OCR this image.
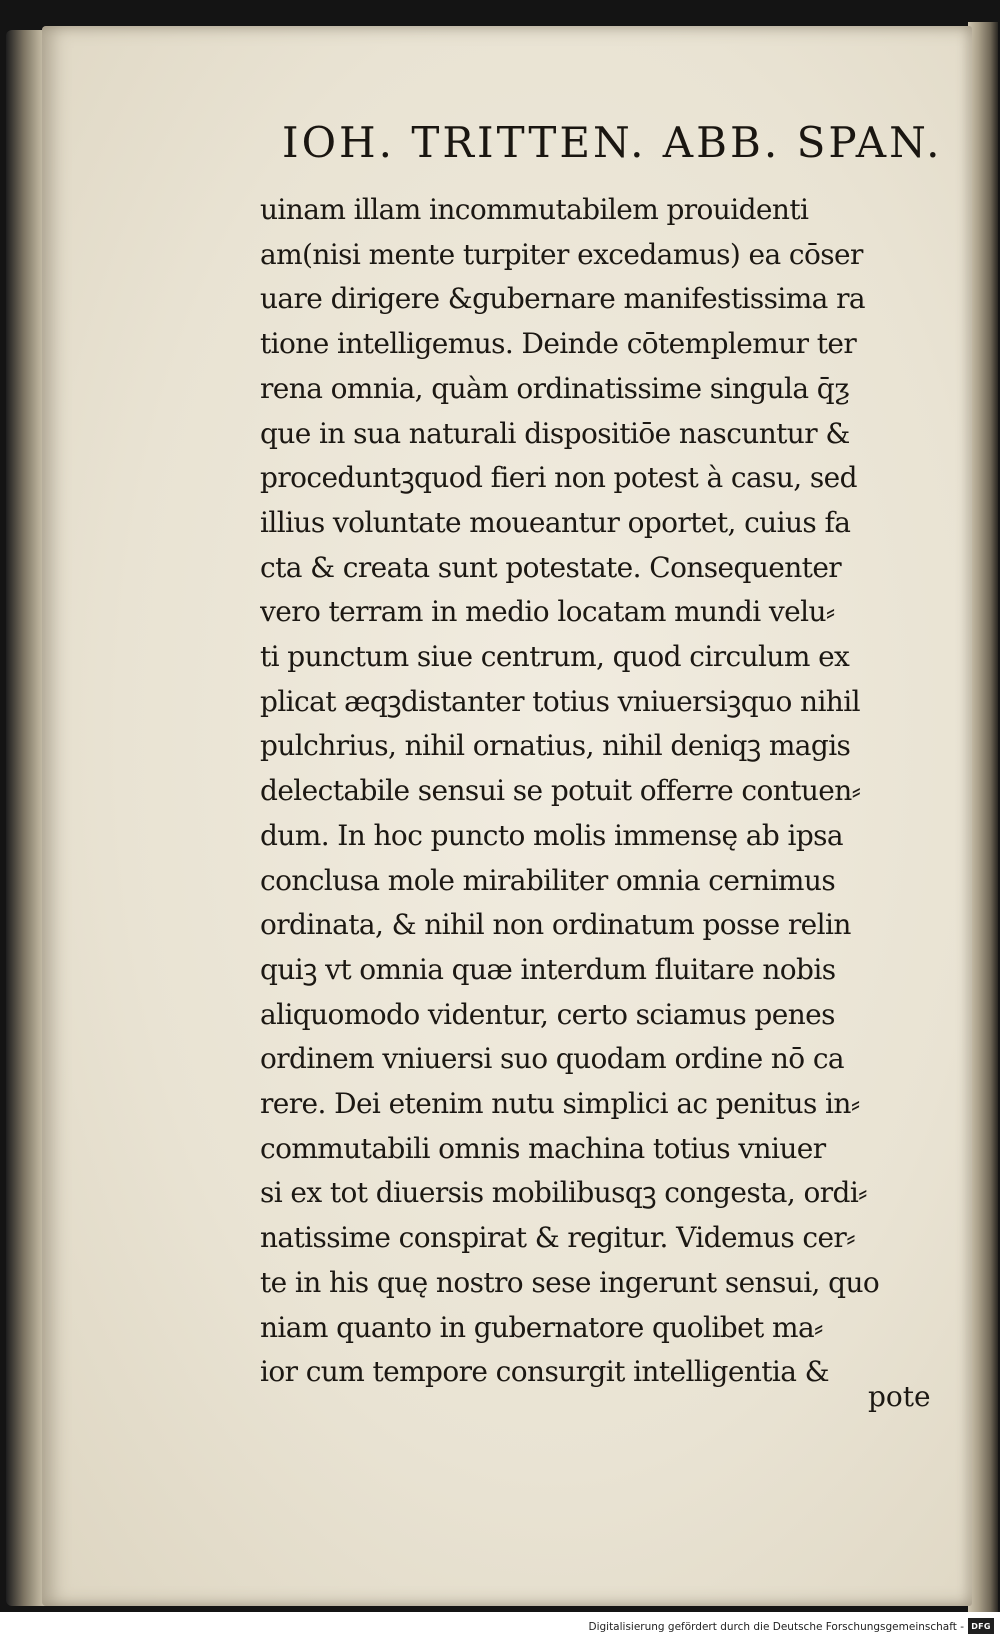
IOH. TRITTEN. ABB. SPAN.
uinam illam incommutabilem prouidenti
am(nisi mente turpiter excedamus) ea cōser
uare dirigere &gubernare manifestissima ra
tione intelligemus. Deinde cōtemplemur ter
rena omnia, quàm ordinatissime singula q̄ƺ
que in sua naturali dispositiōe nascuntur &
proceduntꝫquod fieri non potest à casu, sed
illius voluntate moueantur oportet, cuius fa
cta & creata sunt potestate. Consequenter
vero terram in medio locatam mundi velu⸗
ti punctum siue centrum, quod circulum ex
plicat æqꝫdistanter totius vniuersiꝫquo nihil
pulchrius, nihil ornatius, nihil deniqꝫ magis
delectabile sensui se potuit offerre contuen⸗
dum. In hoc puncto molis immensę ab ipsa
conclusa mole mirabiliter omnia cernimus
ordinata, & nihil non ordinatum posse relin
quiꝫ vt omnia quæ interdum fluitare nobis
aliquomodo videntur, certo sciamus penes
ordinem vniuersi suo quodam ordine nō ca
rere. Dei etenim nutu simplici ac penitus in⸗
commutabili omnis machina totius vniuer
si ex tot diuersis mobilibusqꝫ congesta, ordi⸗
natissime conspirat & regitur. Videmus cer⸗
te in his quę nostro sese ingerunt sensui, quo
niam quanto in gubernatore quolibet ma⸗
ior cum tempore consurgit intelligentia &
pote
Digitalisierung gefördert durch die Deutsche Forschungsgemeinschaft - DFG
